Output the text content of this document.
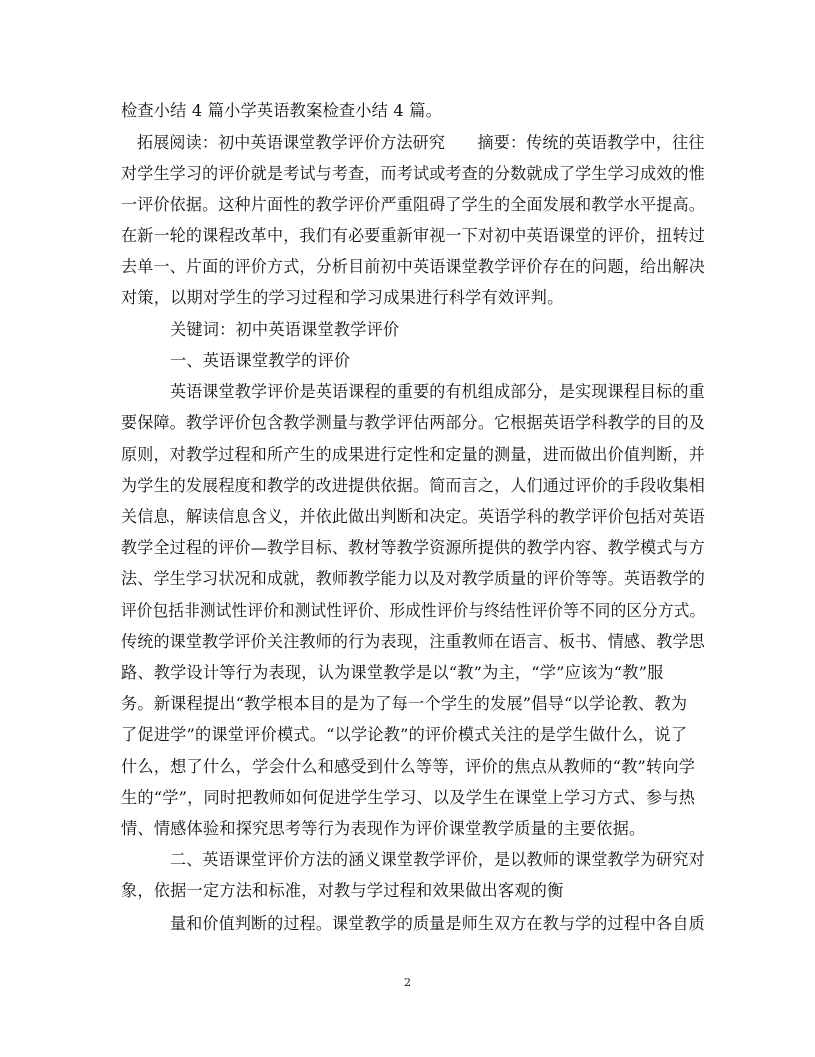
检查小结 4 篇小学英语教案检查小结 4 篇。
拓展阅读：初中英语课堂教学评价方法研究　　摘要：传统的英语教学中，往往
对学生学习的评价就是考试与考查，而考试或考查的分数就成了学生学习成效的惟
一评价依据。这种片面性的教学评价严重阻碍了学生的全面发展和教学水平提高。
在新一轮的课程改革中，我们有必要重新审视一下对初中英语课堂的评价，扭转过
去单一、片面的评价方式，分析目前初中英语课堂教学评价存在的问题，给出解决
对策，以期对学生的学习过程和学习成果进行科学有效评判。
关键词：初中英语课堂教学评价
一、英语课堂教学的评价
英语课堂教学评价是英语课程的重要的有机组成部分，是实现课程目标的重
要保障。教学评价包含教学测量与教学评估两部分。它根据英语学科教学的目的及
原则，对教学过程和所产生的成果进行定性和定量的测量，进而做出价值判断，并
为学生的发展程度和教学的改进提供依据。简而言之，人们通过评价的手段收集相
关信息，解读信息含义，并依此做出判断和决定。英语学科的教学评价包括对英语
教学全过程的评价—教学目标、教材等教学资源所提供的教学内容、教学模式与方
法、学生学习状况和成就，教师教学能力以及对教学质量的评价等等。英语教学的
评价包括非测试性评价和测试性评价、形成性评价与终结性评价等不同的区分方式。
传统的课堂教学评价关注教师的行为表现，注重教师在语言、板书、情感、教学思
路、教学设计等行为表现，认为课堂教学是以“教”为主，“学”应该为“教”服
务。新课程提出“教学根本目的是为了每一个学生的发展”倡导“以学论教、教为
了促进学”的课堂评价模式。“以学论教”的评价模式关注的是学生做什么，说了
什么，想了什么，学会什么和感受到什么等等，评价的焦点从教师的“教”转向学
生的“学”，同时把教师如何促进学生学习、以及学生在课堂上学习方式、参与热
情、情感体验和探究思考等行为表现作为评价课堂教学质量的主要依据。
二、英语课堂评价方法的涵义课堂教学评价，是以教师的课堂教学为研究对
象，依据一定方法和标准，对教与学过程和效果做出客观的衡
量和价值判断的过程。课堂教学的质量是师生双方在教与学的过程中各自质
2
